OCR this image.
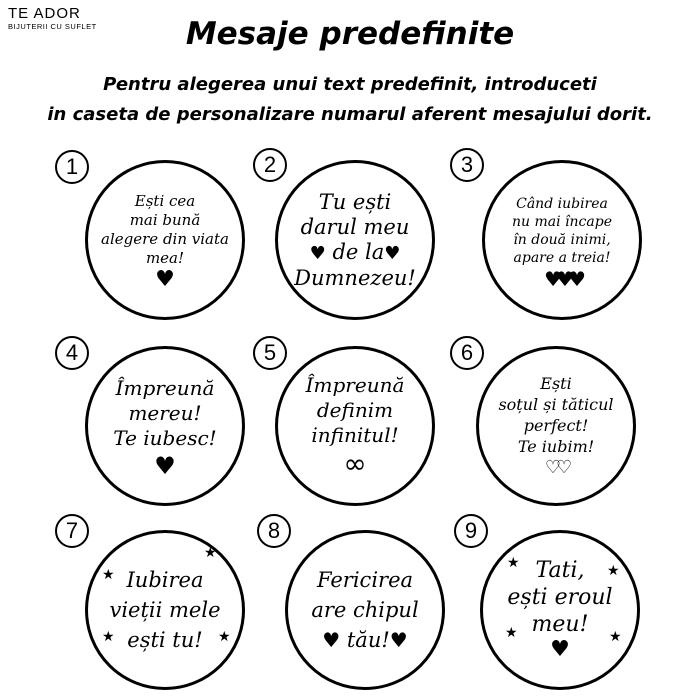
TE ADOR
BIJUTERII CU SUFLET	Mesaje predefinite
Pentru alegerea unui text predefinit, introduceti
in caseta de personalizare numarul aferent mesajului dorit.
Ești cea
mai bună
alegere din viata
mea!
♥
1
Tu ești
darul meu
♥ de la♥
Dumnezeu!
2
Când iubirea
nu mai încape
în două inimi,
apare a treia!
♥♥♥
3
Împreună
mereu!
Te iubesc!
♥
4
Împreună
definim
infinitul!
∞
5
Ești
soțul și tăticul
perfect!
Te iubim!
♡♡
6
Iubirea
vieții mele
ești tu!
★
★
★	★
7
Fericirea
are chipul
♥ tău!♥
8
Tati,
ești eroul
meu!
♥
★	★
★	★
9
